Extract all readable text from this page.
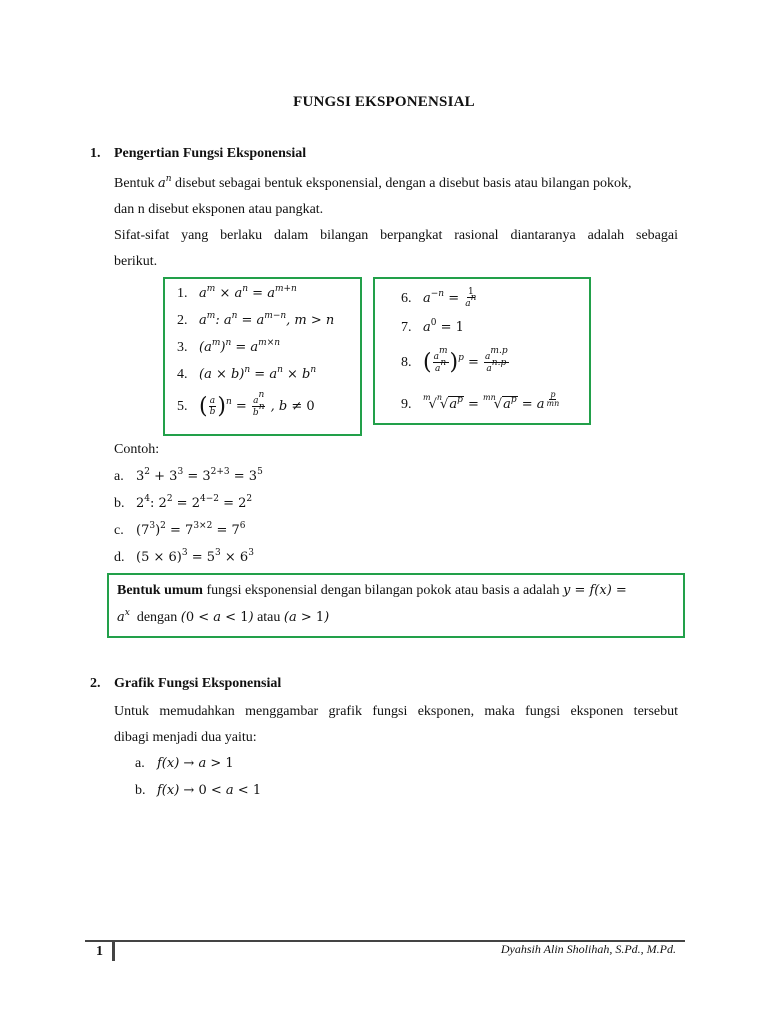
FUNGSI EKSPONENSIAL
1. Pengertian Fungsi Eksponensial
Bentuk $a^n$ disebut sebagai bentuk eksponensial, dengan a disebut basis atau bilangan pokok,
dan n disebut eksponen atau pangkat.
Sifat-sifat yang berlaku dalam bilangan berpangkat rasional diantaranya adalah sebagai
berikut.
1. $a^m \times a^n = a^{m+n}$
2. $a^m$: $a^n = a^{m-n}$, m > n
3. $(a^m)^n = a^{m\times n}$
4. $(a \times b)^n = a^n \times b^n$
5. ( $\frac{a}{b} )^n = \frac{a^n}{b^n}$ , b ≠ 0
6. $a^{-n} = \frac{1}{a^n}$
7. $a^0 = 1$
8. ( $\frac{a^m}{a^n} )^p = \frac{a^{m.p}}{a^{n.p}}$
9. $^m√^n√a^p = ^{mn}√a^p = a$ $^{\frac{p}{mn}}$
Contoh:
a. $3^2 + 3^3 = 3^{2+3} = 3^5$
b. $2^4$: $2^2 = 2^{4-2} = 2^2$
c. $(7^3)^2 = 7^{3\times 2} = 7^6$
d. $(5 \times 6)^3 = 5^3 \times 6^3$
Bentuk umum fungsi eksponensial dengan bilangan pokok atau basis a adalah y = f(x) =
$a^x$ dengan (0 < a < 1) atau (a > 1)
2. Grafik Fungsi Eksponensial
Untuk memudahkan menggambar grafik fungsi eksponen, maka fungsi eksponen tersebut
dibagi menjadi dua yaitu:
a. f(x) → a > 1
b. f(x) → 0 < a < 1
1	Dyahsih Alin Sholihah, S.Pd., M.Pd.
